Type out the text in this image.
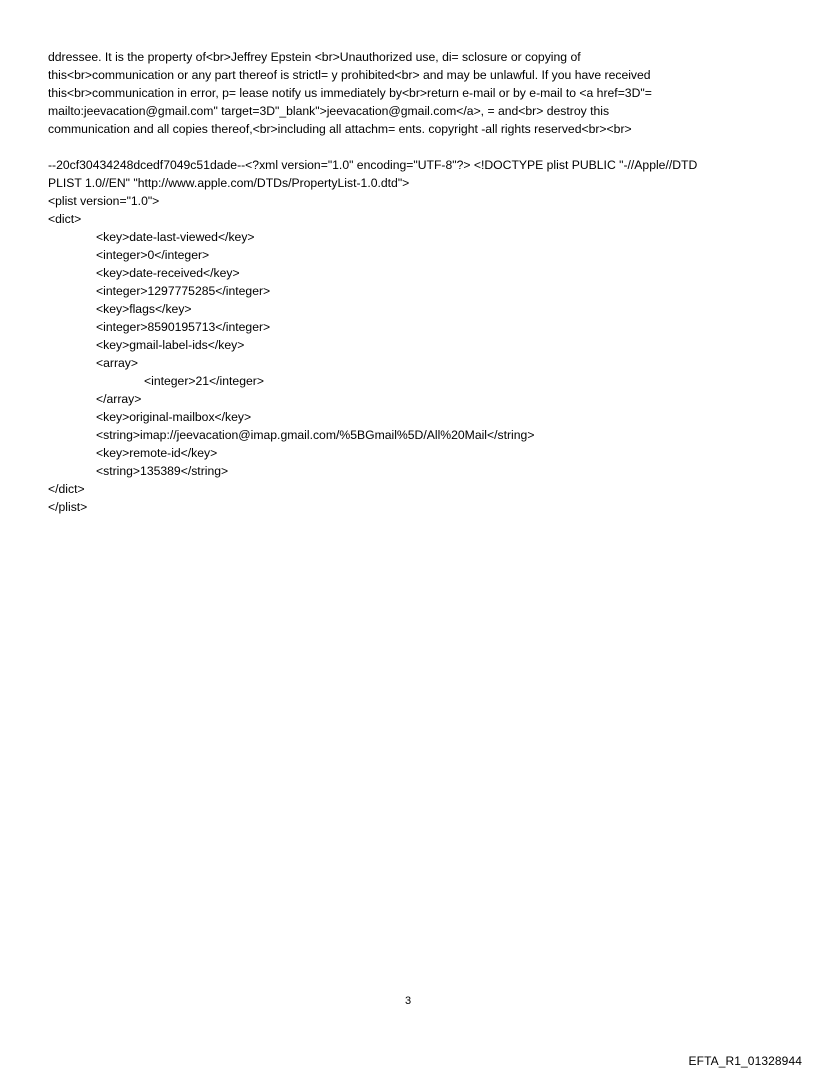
ddressee. It is the property of<br>Jeffrey Epstein <br>Unauthorized use, di= sclosure or copying of
this<br>communication or any part thereof is strictl= y prohibited<br> and may be unlawful. If you have received
this<br>communication in error, p= lease notify us immediately by<br>return e-mail or by e-mail to <a href=3D"=
mailto:jeevacation@gmail.com" target=3D"_blank">jeevacation@gmail.com</a>, = and<br> destroy this
communication and all copies thereof,<br>including all attachm= ents. copyright -all rights reserved<br><br>
--20cf30434248dcedf7049c51dade--<?xml version="1.0" encoding="UTF-8"?> <!DOCTYPE plist PUBLIC "-//Apple//DTD
PLIST 1.0//EN" "http://www.apple.com/DTDs/PropertyList-1.0.dtd">
<plist version="1.0">
<dict>
<key>date-last-viewed</key>
<integer>0</integer>
<key>date-received</key>
<integer>1297775285</integer>
<key>flags</key>
<integer>8590195713</integer>
<key>gmail-label-ids</key>
<array>
<integer>21</integer>
</array>
<key>original-mailbox</key>
<string>imap://jeevacation@imap.gmail.com/%5BGmail%5D/All%20Mail</string>
<key>remote-id</key>
<string>135389</string>
</dict>
</plist>
3
EFTA_R1_01328944
